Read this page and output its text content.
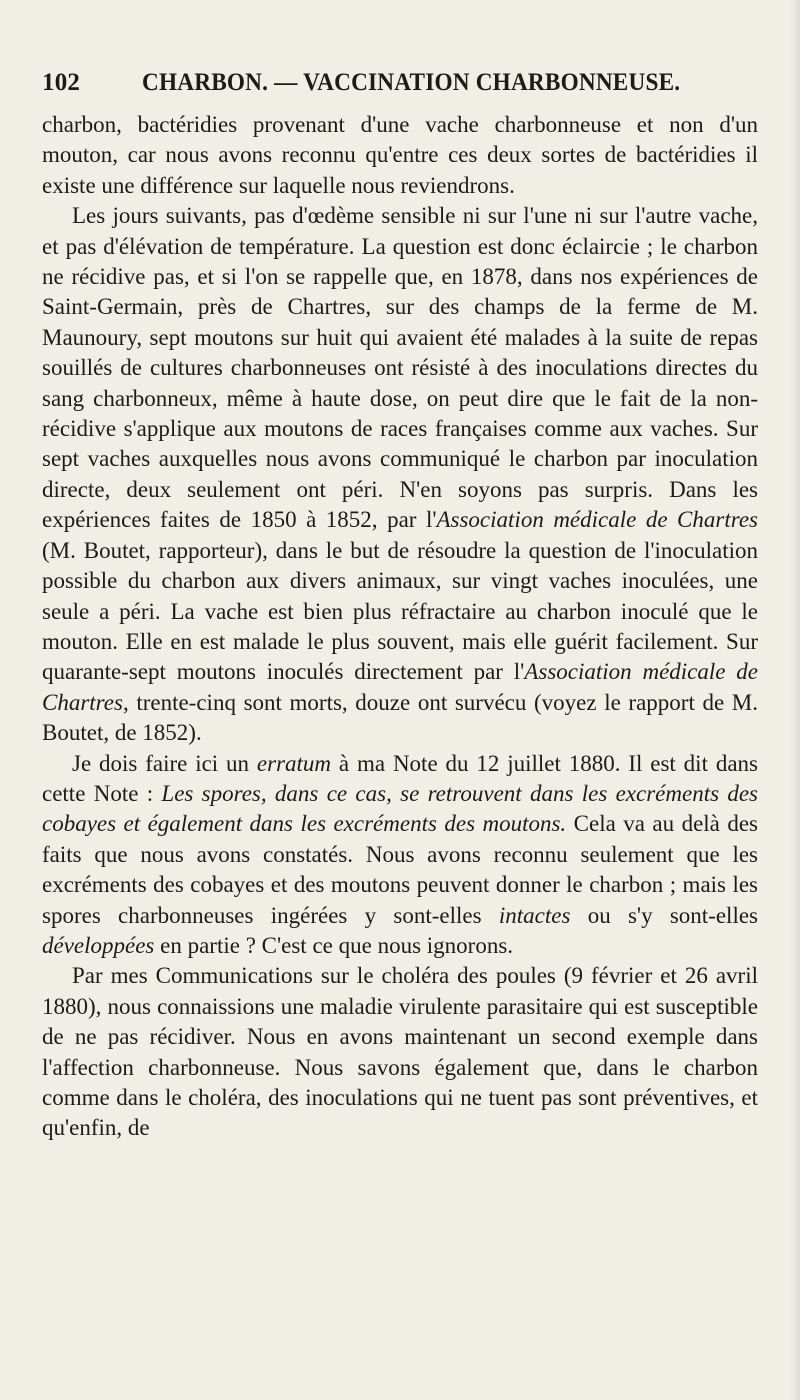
102 CHARBON. — VACCINATION CHARBONNEUSE.

charbon, bactéridies provenant d'une vache charbonneuse et non d'un mouton, car nous avons reconnu qu'entre ces deux sortes de bactéridies il existe une différence sur laquelle nous reviendrons.

Les jours suivants, pas d'œdème sensible ni sur l'une ni sur l'autre vache, et pas d'élévation de température. La question est donc éclaircie ; le charbon ne récidive pas, et si l'on se rappelle que, en 1878, dans nos expériences de Saint-Germain, près de Chartres, sur des champs de la ferme de M. Maunoury, sept moutons sur huit qui avaient été malades à la suite de repas souillés de cultures charbonneuses ont résisté à des inoculations directes du sang charbonneux, même à haute dose, on peut dire que le fait de la non-récidive s'applique aux moutons de races françaises comme aux vaches. Sur sept vaches auxquelles nous avons communiqué le charbon par inoculation directe, deux seulement ont péri. N'en soyons pas surpris. Dans les expériences faites de 1850 à 1852, par l'Association médicale de Chartres (M. Boutet, rapporteur), dans le but de résoudre la question de l'inoculation possible du charbon aux divers animaux, sur vingt vaches inoculées, une seule a péri. La vache est bien plus réfractaire au charbon inoculé que le mouton. Elle en est malade le plus souvent, mais elle guérit facilement. Sur quarante-sept moutons inoculés directement par l'Association médicale de Chartres, trente-cinq sont morts, douze ont survécu (voyez le rapport de M. Boutet, de 1852).

Je dois faire ici un erratum à ma Note du 12 juillet 1880. Il est dit dans cette Note : Les spores, dans ce cas, se retrouvent dans les excréments des cobayes et également dans les excréments des moutons. Cela va au delà des faits que nous avons constatés. Nous avons reconnu seulement que les excréments des cobayes et des moutons peuvent donner le charbon ; mais les spores charbonneuses ingérées y sont-elles intactes ou s'y sont-elles développées en partie ? C'est ce que nous ignorons.

Par mes Communications sur le choléra des poules (9 février et 26 avril 1880), nous connaissions une maladie virulente parasitaire qui est susceptible de ne pas récidiver. Nous en avons maintenant un second exemple dans l'affection charbonneuse. Nous savons également que, dans le charbon comme dans le choléra, des inoculations qui ne tuent pas sont préventives, et qu'enfin, de
